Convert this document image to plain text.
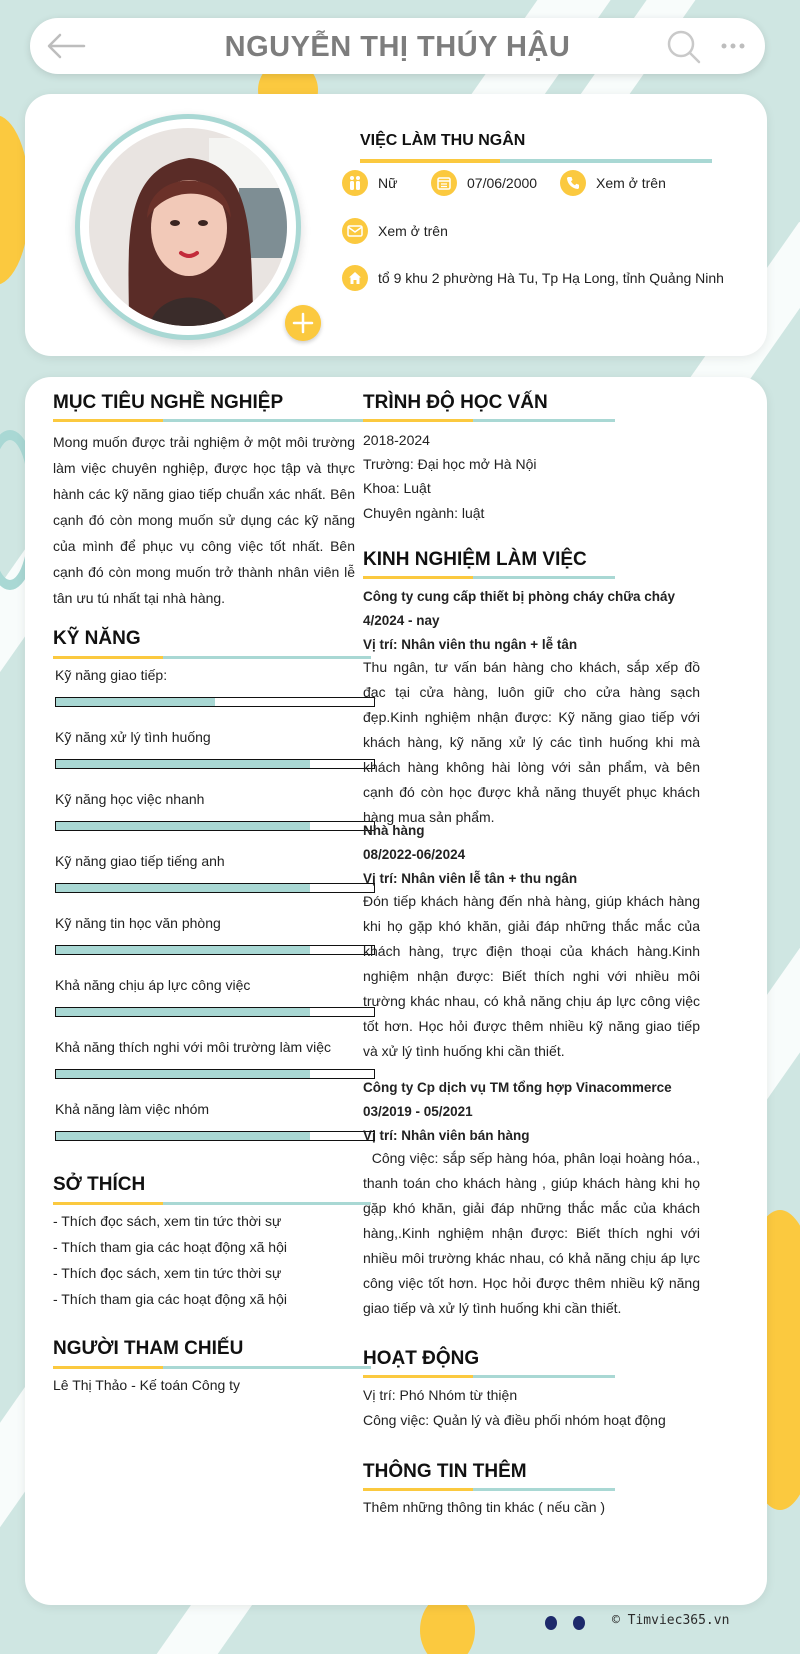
NGUYỄN THỊ THÚY HẬU
VIỆC LÀM THU NGÂN
Nữ	07/06/2000	Xem ở trên
Xem ở trên
tổ 9 khu 2 phường Hà Tu, Tp Hạ Long, tỉnh Quảng Ninh
MỤC TIÊU NGHỀ NGHIỆP
Mong muốn được trải nghiệm ở một môi trường làm việc chuyên nghiệp, được học tập và thực hành các kỹ năng giao tiếp chuẩn xác nhất. Bên cạnh đó còn mong muốn sử dụng các kỹ năng của mình để phục vụ công việc tốt nhất. Bên cạnh đó còn mong muốn trở thành nhân viên lễ tân ưu tú nhất tại nhà hàng.
KỸ NĂNG
Kỹ năng giao tiếp:
Kỹ năng xử lý tình huống
Kỹ năng học việc nhanh
Kỹ năng giao tiếp tiếng anh
Kỹ năng tin học văn phòng
Khả năng chịu áp lực công việc
Khả năng thích nghi với môi trường làm việc
Khả năng làm việc nhóm
SỞ THÍCH
- Thích đọc sách, xem tin tức thời sự
- Thích tham gia các hoạt động xã hội
- Thích đọc sách, xem tin tức thời sự
- Thích tham gia các hoạt động xã hội
NGƯỜI THAM CHIẾU
Lê Thị Thảo - Kế toán Công ty
TRÌNH ĐỘ HỌC VẤN
2018-2024
Trường: Đại học mở Hà Nội
Khoa: Luật
Chuyên ngành: luật
KINH NGHIỆM LÀM VIỆC
Công ty cung cấp thiết bị phòng cháy chữa cháy
4/2024 - nay
Vị trí: Nhân viên thu ngân + lễ tân
Thu ngân, tư vấn bán hàng cho khách, sắp xếp đồ đạc tại cửa hàng, luôn giữ cho cửa hàng sạch đẹp.Kinh nghiệm nhận được: Kỹ năng giao tiếp với khách hàng, kỹ năng xử lý các tình huống khi mà khách hàng không hài lòng với sản phẩm, và bên cạnh đó còn học được khả năng thuyết phục khách hàng mua sản phẩm.
Nhà hàng
08/2022-06/2024
Vị trí: Nhân viên lễ tân + thu ngân
Đón tiếp khách hàng đến nhà hàng, giúp khách hàng khi họ gặp khó khăn, giải đáp những thắc mắc của khách hàng, trực điện thoại của khách hàng.Kinh nghiệm nhận được: Biết thích nghi với nhiều môi trường khác nhau, có khả năng chịu áp lực công việc tốt hơn. Học hỏi được thêm nhiều kỹ năng giao tiếp và xử lý tình huống khi cần thiết.
Công ty Cp dịch vụ TM tổng hợp Vinacommerce
03/2019 - 05/2021
Vị trí: Nhân viên bán hàng
Công việc: sắp sếp hàng hóa, phân loại hoàng hóa., thanh toán cho khách hàng , giúp khách hàng khi họ gặp khó khăn, giải đáp những thắc mắc của khách hàng,.Kinh nghiệm nhận được: Biết thích nghi với nhiều môi trường khác nhau, có khả năng chịu áp lực công việc tốt hơn. Học hỏi được thêm nhiều kỹ năng giao tiếp và xử lý tình huống khi cần thiết.
HOẠT ĐỘNG
Vị trí: Phó Nhóm từ thiện
Công việc: Quản lý và điều phối nhóm hoạt động
THÔNG TIN THÊM
Thêm những thông tin khác ( nếu cần )
© Timviec365.vn
